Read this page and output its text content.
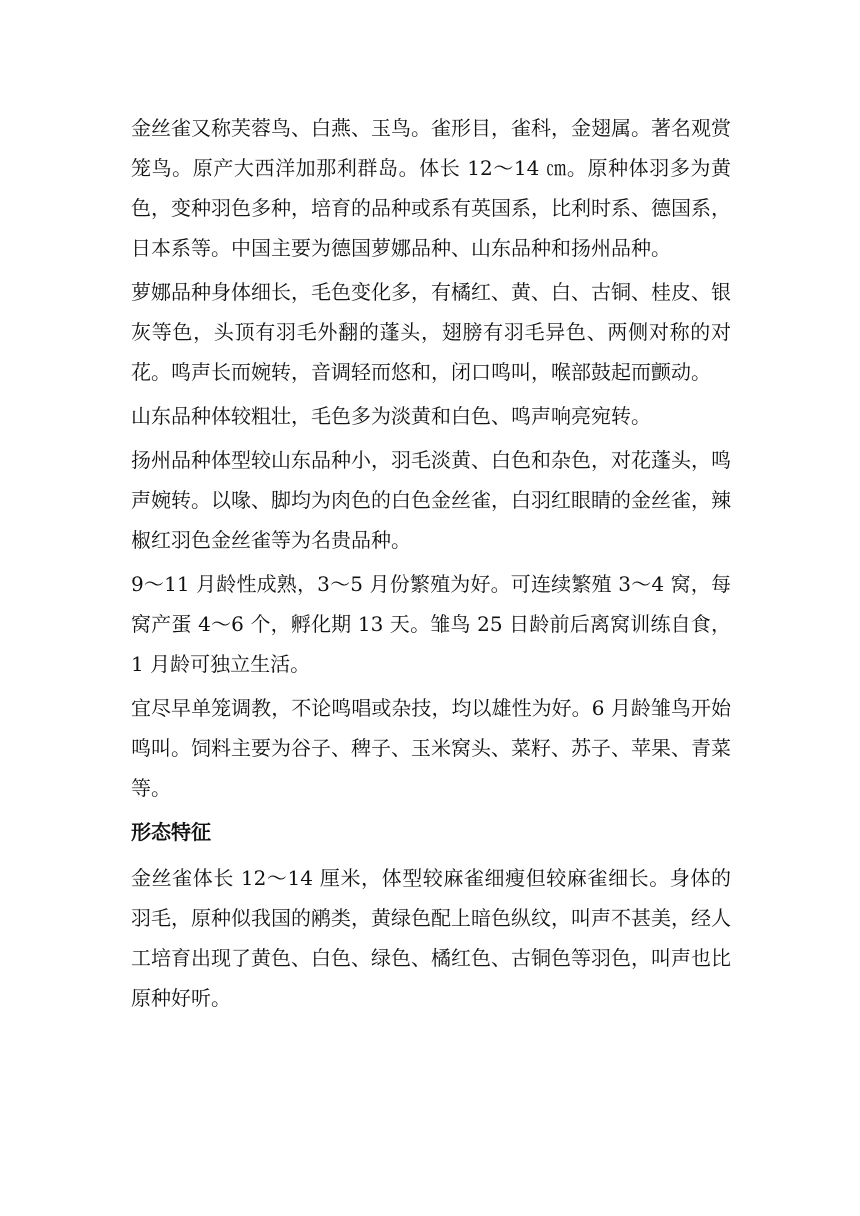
金丝雀又称芙蓉鸟、白燕、玉鸟。雀形目，雀科，金翅属。著名观赏笼鸟。原产大西洋加那利群岛。体长 12～14 ㎝。原种体羽多为黄色，变种羽色多种，培育的品种或系有英国系，比利时系、德国系，日本系等。中国主要为德国萝娜品种、山东品种和扬州品种。

萝娜品种身体细长，毛色变化多，有橘红、黄、白、古铜、桂皮、银灰等色，头顶有羽毛外翻的蓬头，翅膀有羽毛异色、两侧对称的对花。鸣声长而婉转，音调轻而悠和，闭口鸣叫，喉部鼓起而颤动。

山东品种体较粗壮，毛色多为淡黄和白色、鸣声响亮宛转。

扬州品种体型较山东品种小，羽毛淡黄、白色和杂色，对花蓬头，鸣声婉转。以喙、脚均为肉色的白色金丝雀，白羽红眼睛的金丝雀，辣椒红羽色金丝雀等为名贵品种。

9～11 月龄性成熟，3～5 月份繁殖为好。可连续繁殖 3～4 窝，每窝产蛋 4～6 个，孵化期 13 天。雏鸟 25 日龄前后离窝训练自食，1 月龄可独立生活。

宜尽早单笼调教，不论鸣唱或杂技，均以雄性为好。6 月龄雏鸟开始鸣叫。饲料主要为谷子、稗子、玉米窝头、菜籽、苏子、苹果、青菜等。

形态特征

金丝雀体长 12～14 厘米，体型较麻雀细瘦但较麻雀细长。身体的羽毛，原种似我国的鹇类，黄绿色配上暗色纵纹，叫声不甚美，经人工培育出现了黄色、白色、绿色、橘红色、古铜色等羽色，叫声也比原种好听。
